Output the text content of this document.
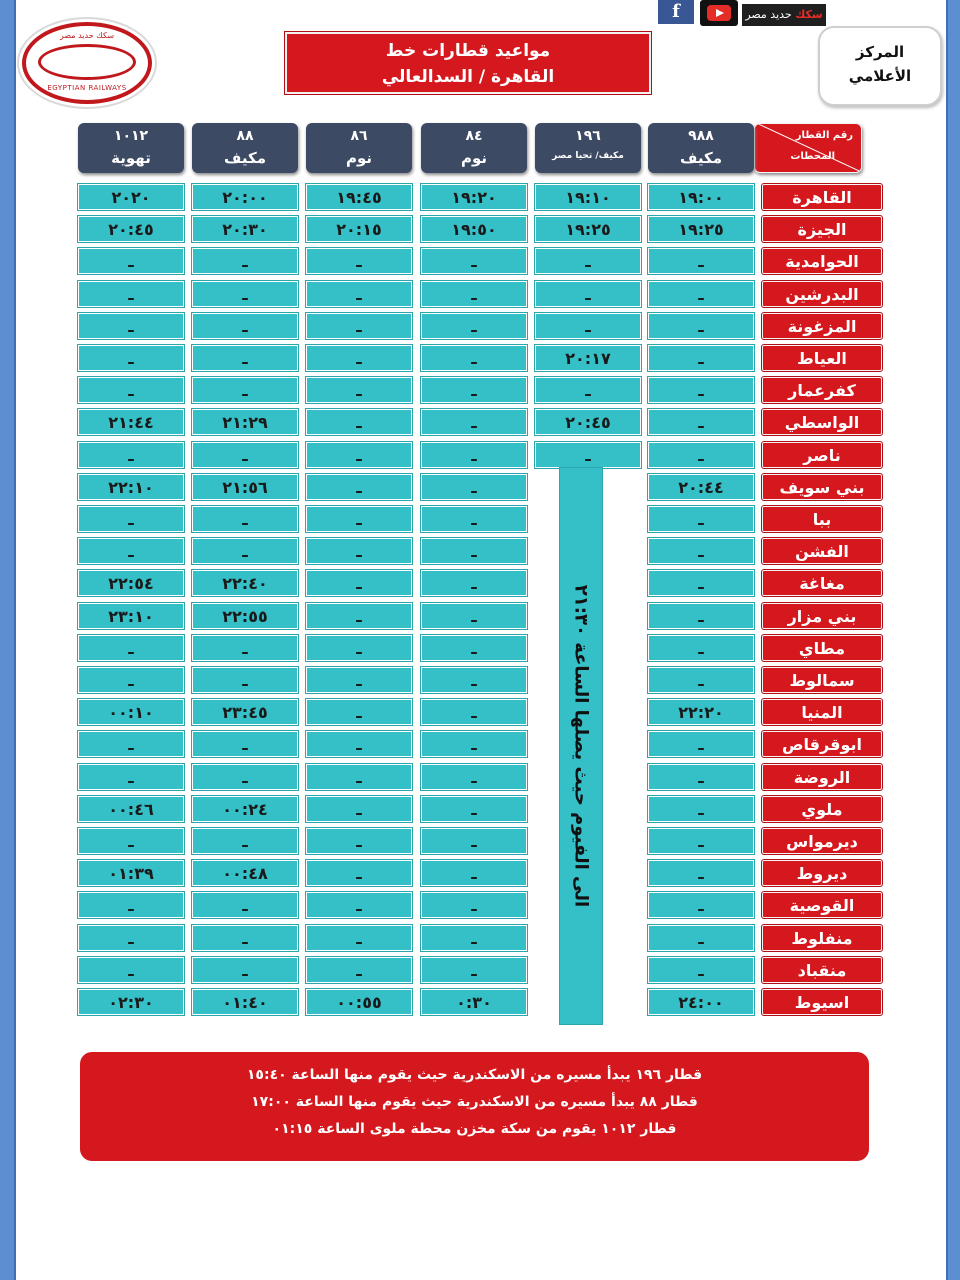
سكك حديد مصر
EGYPTIAN RAILWAYS
مواعيد قطارات خط
القاهرة / السدالعالي
المركز
الأعلامي
رقم القطار
المحطات
٩٨٨
مكيف
١٩٦
مكيف/ تحيا مصر
٨٤
نوم
٨٦
نوم
٨٨
مكيف
١٠١٢
تهوية
القاهرة
الجيزة
الحوامدية
البدرشين
المزغونة
العياط
كفرعمار
الواسطي
ناصر
بني سويف
ببا
الفشن
مغاغة
بني مزار
مطاي
سمالوط
المنيا
ابوقرقاص
الروضة
ملوي
ديرمواس
ديروط
القوصية
منفلوط
منقباد
اسيوط
١٩:٠٠
١٩:٢٥
ـ
ـ
ـ
ـ
ـ
ـ
ـ
٢٠:٤٤
ـ
ـ
ـ
ـ
ـ
ـ
٢٢:٢٠
ـ
ـ
ـ
ـ
ـ
ـ
ـ
ـ
٢٤:٠٠
١٩:١٠
١٩:٢٥
ـ
ـ
ـ
٢٠:١٧
ـ
٢٠:٤٥
ـ
١٩:٢٠
١٩:٥٠
ـ
ـ
ـ
ـ
ـ
ـ
ـ
ـ
ـ
ـ
ـ
ـ
ـ
ـ
ـ
ـ
ـ
ـ
ـ
ـ
ـ
ـ
ـ
٠:٣٠
١٩:٤٥
٢٠:١٥
ـ
ـ
ـ
ـ
ـ
ـ
ـ
ـ
ـ
ـ
ـ
ـ
ـ
ـ
ـ
ـ
ـ
ـ
ـ
ـ
ـ
ـ
ـ
٠٠:٥٥
٢٠:٠٠
٢٠:٣٠
ـ
ـ
ـ
ـ
ـ
٢١:٢٩
ـ
٢١:٥٦
ـ
ـ
٢٢:٤٠
٢٢:٥٥
ـ
ـ
٢٣:٤٥
ـ
ـ
٠٠:٢٤
ـ
٠٠:٤٨
ـ
ـ
ـ
٠١:٤٠
٢٠٢٠
٢٠:٤٥
ـ
ـ
ـ
ـ
ـ
٢١:٤٤
ـ
٢٢:١٠
ـ
ـ
٢٢:٥٤
٢٣:١٠
ـ
ـ
٠٠:١٠
ـ
ـ
٠٠:٤٦
ـ
٠١:٣٩
ـ
ـ
ـ
٠٢:٣٠
الى الفيوم حيث يصلها الساعة ٢١:٣٠
قطار ١٩٦ يبدأ مسيره من الاسكندرية حيث يقوم منها الساعة ١٥:٤٠
قطار ٨٨ يبدأ مسيره من الاسكندرية حيث يقوم منها الساعة ١٧:٠٠
قطار ١٠١٢ يقوم من سكة مخزن محطة ملوى الساعة ٠١:١٥
f	سكك حديد مصر
